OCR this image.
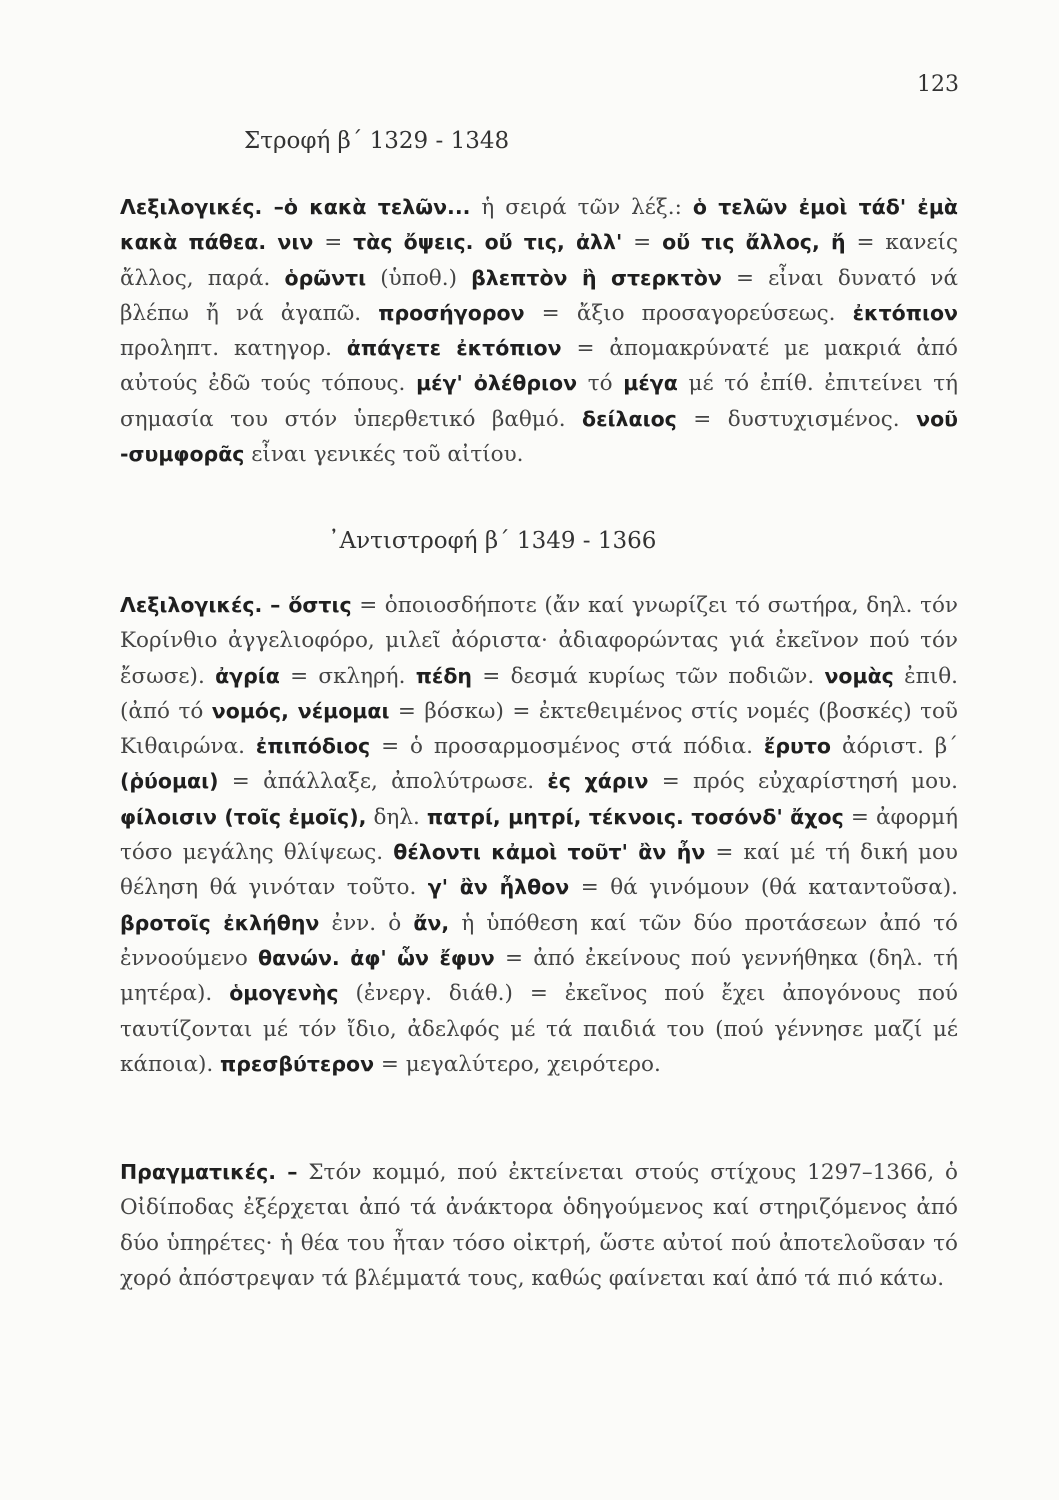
123
Στροφή β΄ 1329 - 1348

Λεξιλογικές. –ὁ κακὰ τελῶν... ἡ σειρά τῶν λέξ.: ὁ τελῶν ἐμοὶ τάδ' ἐμὰ κακὰ πάθεα. νιν = τὰς ὄψεις. οὔ τις, ἀλλ' = οὔ τις ἄλλος, ἤ = κανείς ἄλλος, παρά. ὁρῶντι (ὑποθ.) βλεπτὸν ἢ στερκτὸν = εἶναι δυνατό νά βλέπω ἤ νά ἀγαπῶ. προσήγορον = ἄξιο προσαγορεύσεως. ἐκτόπιον προληπτ. κατηγορ. ἀπάγετε ἐκτόπιον = ἀπομακρύνατέ με μακριά ἀπό αὐτούς ἐδῶ τούς τόπους. μέγ' ὀλέθριον τό μέγα μέ τό ἐπίθ. ἐπιτείνει τή σημασία του στόν ὑπερθετικό βαθμό. δείλαιος = δυστυχισμένος. νοῦ -συμφορᾶς εἶναι γενικές τοῦ αἰτίου.

᾿Αντιστροφή β΄ 1349 - 1366

Λεξιλογικές. – ὅστις = ὁποιοσδήποτε (ἄν καί γνωρίζει τό σωτήρα, δηλ. τόν Κορίνθιο ἀγγελιοφόρο, μιλεῖ ἀόριστα· ἀδιαφορώντας γιά ἐκεῖνον πού τόν ἔσωσε). ἀγρία = σκληρή. πέδη = δεσμά κυρίως τῶν ποδιῶν. νομὰς ἐπιθ. (ἀπό τό νομός, νέμομαι = βόσκω) = ἐκτεθειμένος στίς νομές (βοσκές) τοῦ Κιθαιρώνα. ἐπιπόδιος = ὁ προσαρμοσμένος στά πόδια. ἔρυτο ἀόριστ. β΄ (ῥύομαι) = ἀπάλλαξε, ἀπολύτρωσε. ἐς χάριν = πρός εὐχαρίστησή μου. φίλοισιν (τοῖς ἐμοῖς), δηλ. πατρί, μητρί, τέκνοις. τοσόνδ' ἄχος = ἀφορμή τόσο μεγάλης θλίψεως. θέλοντι κἀμοὶ τοῦτ' ἂν ἦν = καί μέ τή δική μου θέληση θά γινόταν τοῦτο. γ' ἂν ἦλθον = θά γινόμουν (θά καταντοῦσα). βροτοῖς ἐκλήθην ἐνν. ὁ ἄν, ἡ ὑπόθεση καί τῶν δύο προτάσεων ἀπό τό ἐννοούμενο θανών. ἀφ' ὧν ἔφυν = ἀπό ἐκείνους πού γεννήθηκα (δηλ. τή μητέρα). ὁμογενὴς (ἐνεργ. διάθ.) = ἐκεῖνος πού ἔχει ἀπογόνους πού ταυτίζονται μέ τόν ἴδιο, ἀδελφός μέ τά παιδιά του (πού γέννησε μαζί μέ κάποια). πρεσβύτερον = μεγαλύτερο, χειρότερο.

Πραγματικές. – Στόν κομμό, πού ἐκτείνεται στούς στίχους 1297–1366, ὁ Οἰδίποδας ἐξέρχεται ἀπό τά ἀνάκτορα ὁδηγούμενος καί στηριζόμενος ἀπό δύο ὑπηρέτες· ἡ θέα του ἦταν τόσο οἰκτρή, ὥστε αὐτοί πού ἀποτελοῦσαν τό χορό ἀπόστρεψαν τά βλέμματά τους, καθώς φαίνεται καί ἀπό τά πιό κάτω.
